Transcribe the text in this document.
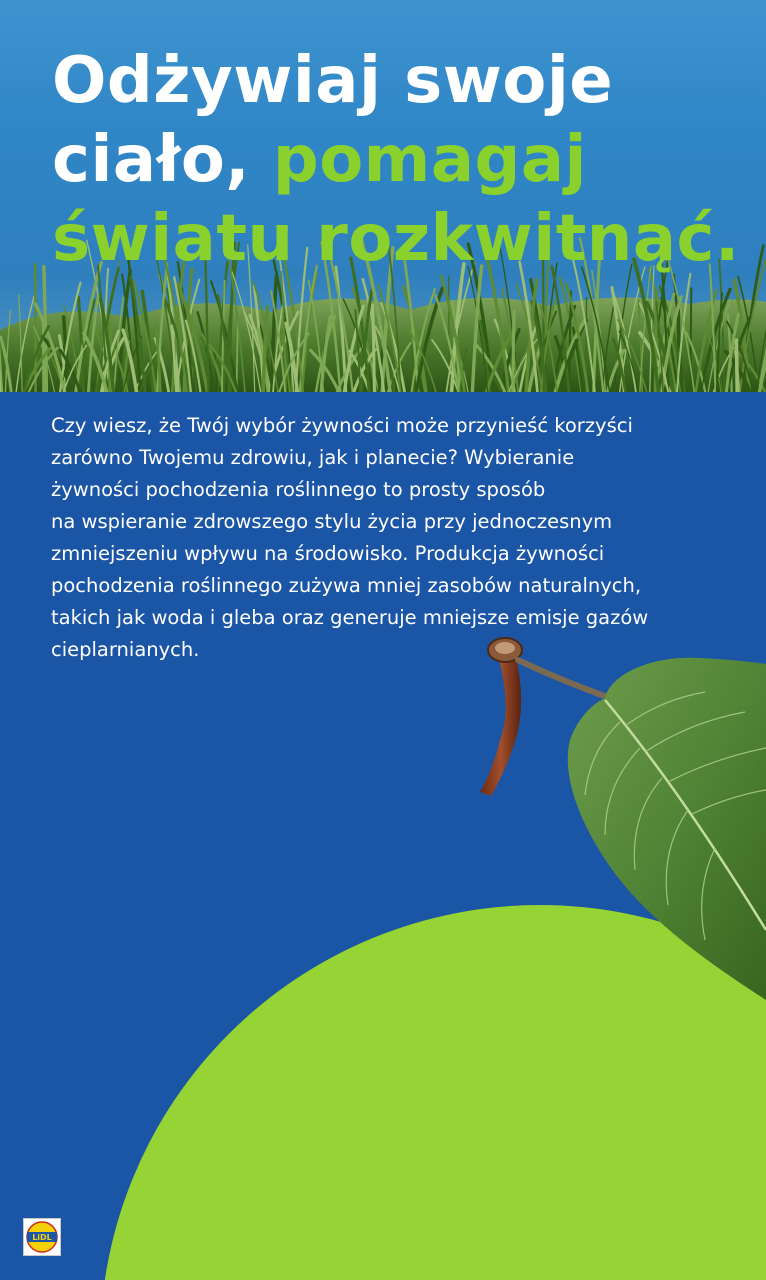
Odżywiaj swoje
ciało, pomagaj
światu rozkwitnąć.

Czy wiesz, że Twój wybór żywności może przynieść korzyści
zarówno Twojemu zdrowiu, jak i planecie? Wybieranie
żywności pochodzenia roślinnego to prosty sposób
na wspieranie zdrowszego stylu życia przy jednoczesnym
zmniejszeniu wpływu na środowisko. Produkcja żywności
pochodzenia roślinnego zużywa mniej zasobów naturalnych,
takich jak woda i gleba oraz generuje mniejsze emisje gazów
cieplarnianych.

LiDL
